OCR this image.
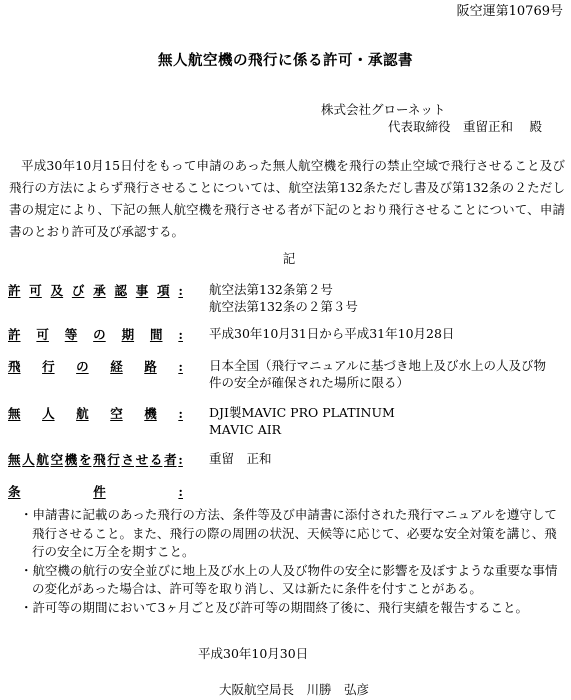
阪空運第10769号
無人航空機の飛行に係る許可・承認書
株式会社グローネット
代表取締役　重留正和　 殿
平成30年10月15日付をもって申請のあった無人航空機を飛行の禁止空域で飛行させること及び飛行の方法によらず飛行させることについては、航空法第132条ただし書及び第132条の２ただし書の規定により、下記の無人航空機を飛行させる者が下記のとおり飛行させることについて、申請書のとおり許可及び承認する。
記
許 可 及 び 承 認 事 項 : 航空法第132条第２号
航空法第132条の２第３号
許 可 等 の 期 間 : 平成30年10月31日から平成31年10月28日
飛 行 の 経 路 : 日本全国（飛行マニュアルに基づき地上及び水上の人及び物
件の安全が確保された場所に限る）
無 人 航 空 機 : DJI製MAVIC PRO PLATINUM
MAVIC AIR
無 人 航 空 機 を 飛 行 さ せ る 者 : 重留　正和
条	件	:
・申請書に記載のあった飛行の方法、条件等及び申請書に添付された飛行マニュアルを遵守して飛行させること。また、飛行の際の周囲の状況、天候等に応じて、必要な安全対策を講じ、飛行の安全に万全を期すこと。
・航空機の航行の安全並びに地上及び水上の人及び物件の安全に影響を及ぼすような重要な事情の変化があった場合は、許可等を取り消し、又は新たに条件を付すことがある。
・許可等の期間において3ヶ月ごと及び許可等の期間終了後に、飛行実績を報告すること。
平成30年10月30日
大阪航空局長　川勝　弘彦
